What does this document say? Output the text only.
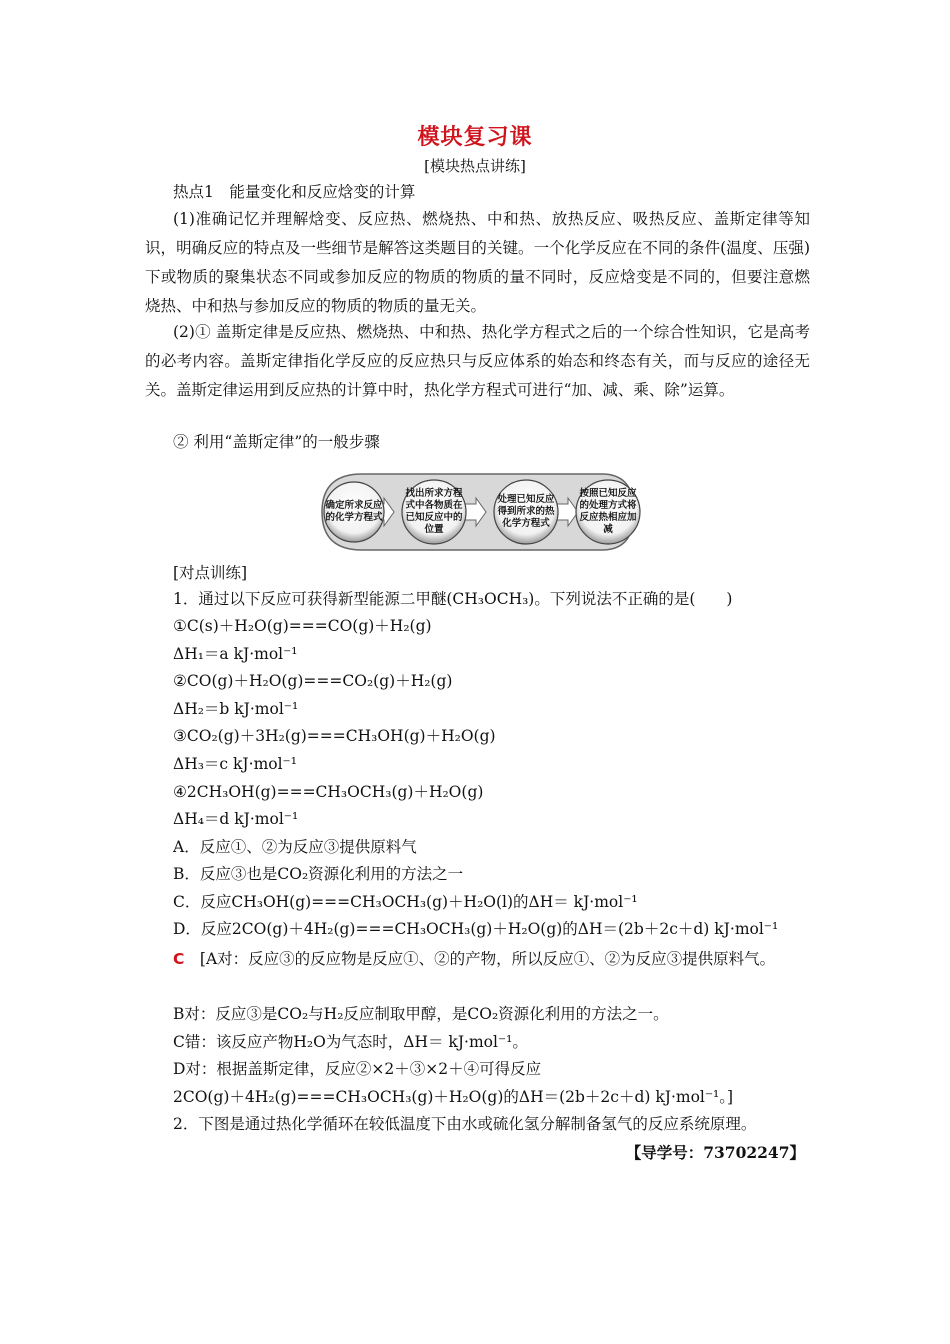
模块复习课
[模块热点讲练]
热点1　能量变化和反应焓变的计算
(1)准确记忆并理解焓变、反应热、燃烧热、中和热、放热反应、吸热反应、盖斯定律等知识，明确反应的特点及一些细节是解答这类题目的关键。一个化学反应在不同的条件(温度、压强)下或物质的聚集状态不同或参加反应的物质的物质的量不同时，反应焓变是不同的，但要注意燃烧热、中和热与参加反应的物质的物质的量无关。
(2)① 盖斯定律是反应热、燃烧热、中和热、热化学方程式之后的一个综合性知识，它是高考的必考内容。盖斯定律指化学反应的反应热只与反应体系的始态和终态有关，而与反应的途径无关。盖斯定律运用到反应热的计算中时，热化学方程式可进行“加、减、乘、除”运算。
② 利用“盖斯定律”的一般步骤
确定所求反应的化学方程式
找出所求方程式中各物质在已知反应中的位置
处理已知反应得到所求的热化学方程式
按照已知反应的处理方式将反应热相应加减
[对点训练]
1．通过以下反应可获得新型能源二甲醚(CH₃OCH₃)。下列说法不正确的是(　　)
①C(s)＋H₂O(g)===CO(g)＋H₂(g)
ΔH₁＝a kJ·mol⁻¹
②CO(g)＋H₂O(g)===CO₂(g)＋H₂(g)
ΔH₂＝b kJ·mol⁻¹
③CO₂(g)＋3H₂(g)===CH₃OH(g)＋H₂O(g)
ΔH₃＝c kJ·mol⁻¹
④2CH₃OH(g)===CH₃OCH₃(g)＋H₂O(g)
ΔH₄＝d kJ·mol⁻¹
A．反应①、②为反应③提供原料气
B．反应③也是CO₂资源化利用的方法之一
C．反应CH₃OH(g)===CH₃OCH₃(g)＋H₂O(l)的ΔH＝ kJ·mol⁻¹
D．反应2CO(g)＋4H₂(g)===CH₃OCH₃(g)＋H₂O(g)的ΔH＝(2b＋2c＋d) kJ·mol⁻¹
C　 [A对：反应③的反应物是反应①、②的产物，所以反应①、②为反应③提供原料气。
B对：反应③是CO₂与H₂反应制取甲醇，是CO₂资源化利用的方法之一。
C错：该反应产物H₂O为气态时，ΔH＝ kJ·mol⁻¹。
D对：根据盖斯定律，反应②×2＋③×2＋④可得反应
2CO(g)＋4H₂(g)===CH₃OCH₃(g)＋H₂O(g)的ΔH＝(2b＋2c＋d) kJ·mol⁻¹。]
2．下图是通过热化学循环在较低温度下由水或硫化氢分解制备氢气的反应系统原理。
【导学号：73702247】
